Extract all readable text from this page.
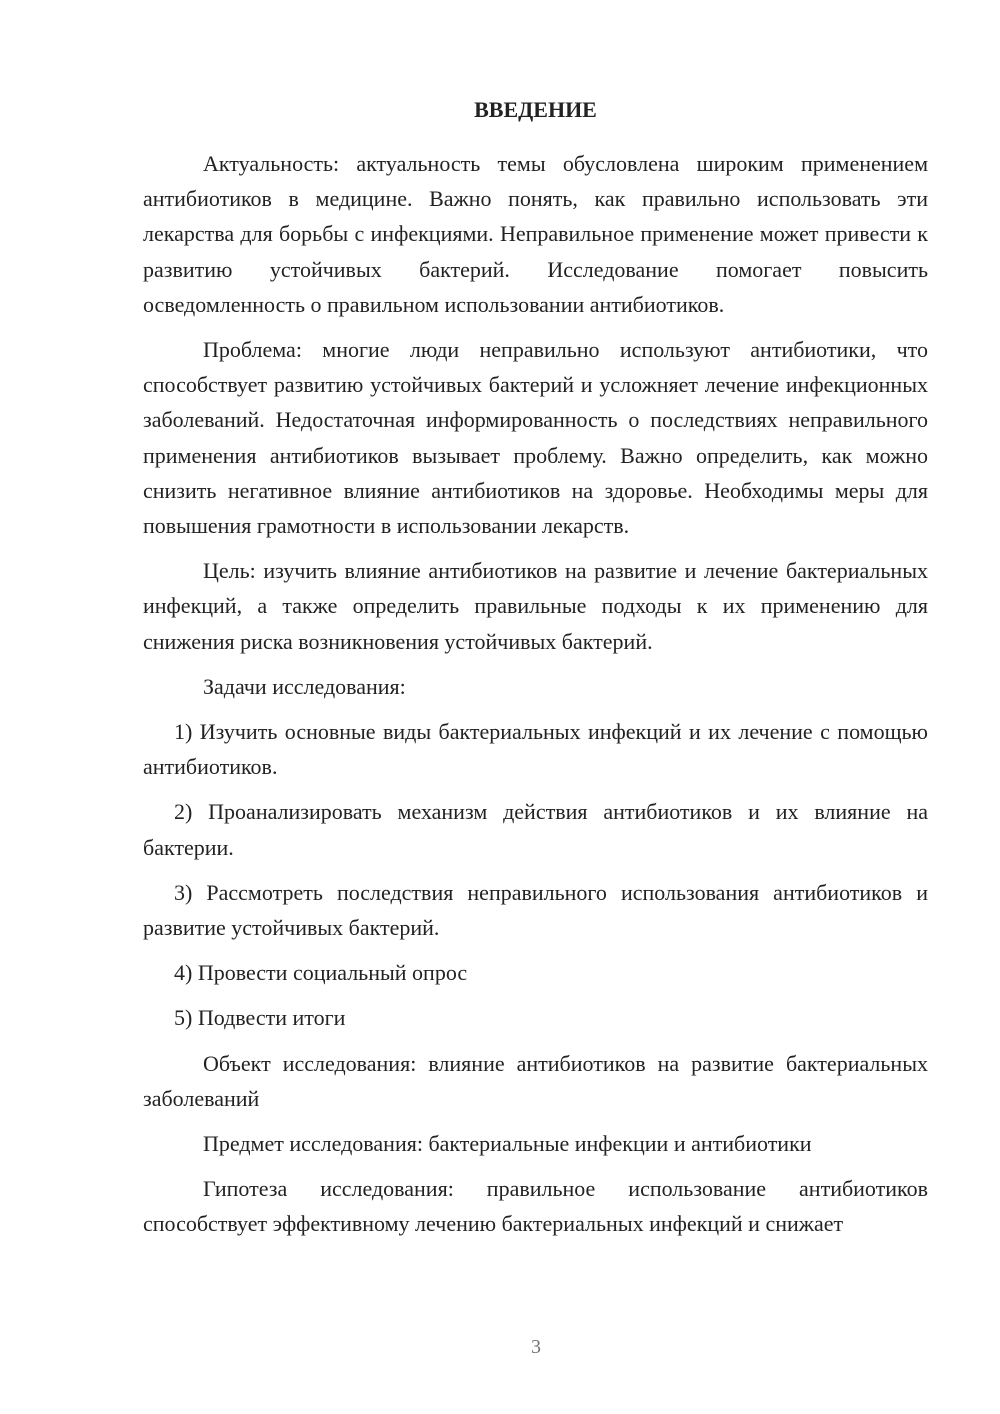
ВВЕДЕНИЕ

Актуальность: актуальность темы обусловлена широким применением антибиотиков в медицине. Важно понять, как правильно использовать эти лекарства для борьбы с инфекциями. Неправильное применение может привести к развитию устойчивых бактерий. Исследование помогает повысить осведомленность о правильном использовании антибиотиков.

Проблема: многие люди неправильно используют антибиотики, что способствует развитию устойчивых бактерий и усложняет лечение инфекционных заболеваний. Недостаточная информированность о последствиях неправильного применения антибиотиков вызывает проблему. Важно определить, как можно снизить негативное влияние антибиотиков на здоровье. Необходимы меры для повышения грамотности в использовании лекарств.

Цель: изучить влияние антибиотиков на развитие и лечение бактериальных инфекций, а также определить правильные подходы к их применению для снижения риска возникновения устойчивых бактерий.

Задачи исследования:

1) Изучить основные виды бактериальных инфекций и их лечение с помощью антибиотиков.

2) Проанализировать механизм действия антибиотиков и их влияние на бактерии.

3) Рассмотреть последствия неправильного использования антибиотиков и развитие устойчивых бактерий.

4) Провести социальный опрос

5) Подвести итоги

Объект исследования: влияние антибиотиков на развитие бактериальных заболеваний

Предмет исследования: бактериальные инфекции и антибиотики

Гипотеза исследования: правильное использование антибиотиков способствует эффективному лечению бактериальных инфекций и снижает

3
